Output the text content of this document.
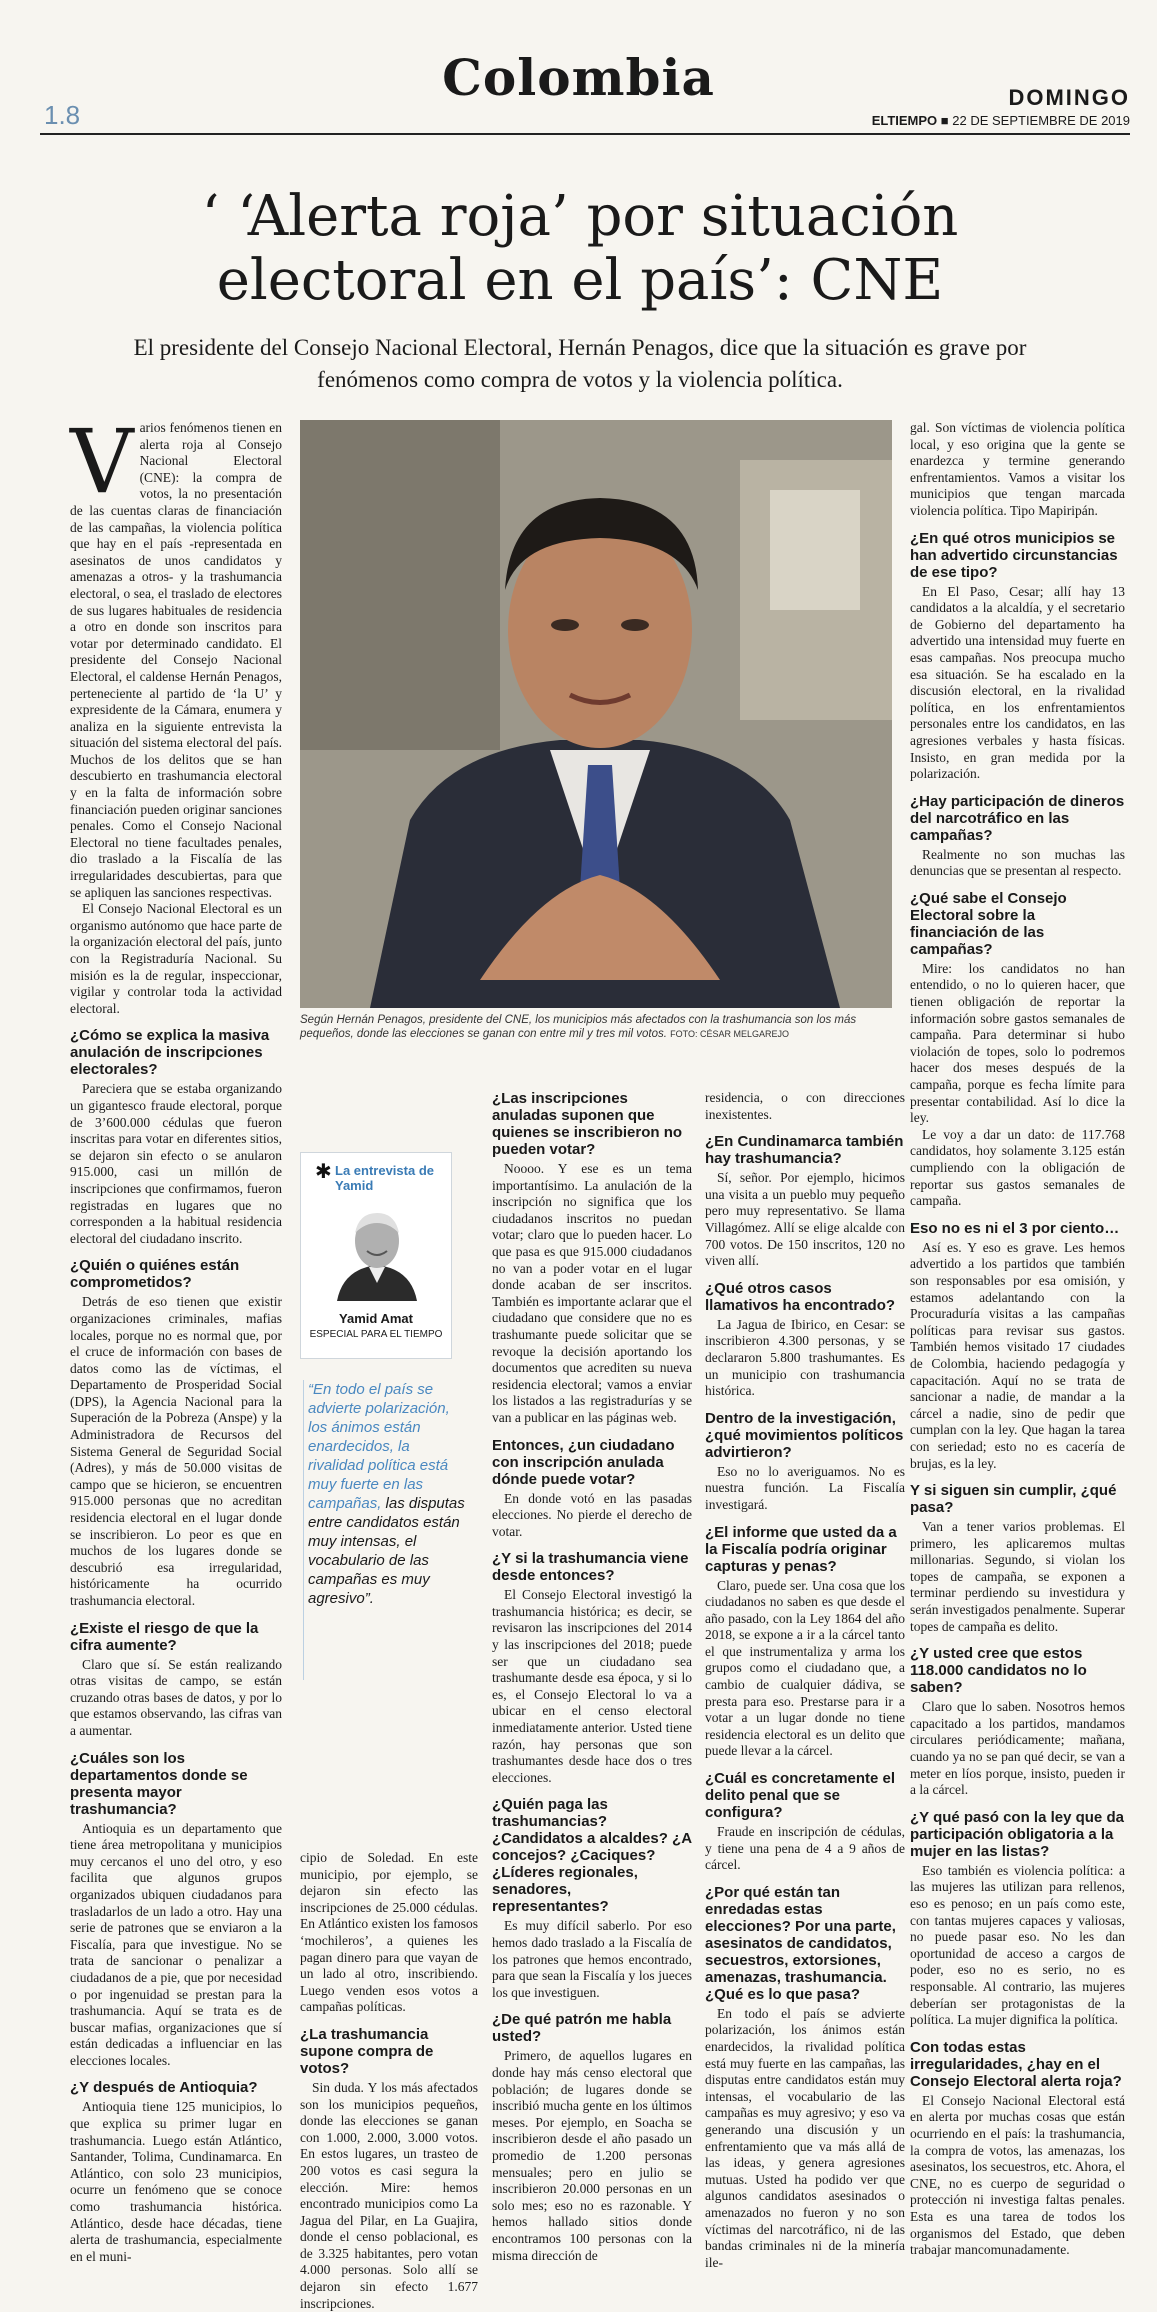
Colombia
1.8
DOMINGO
ELTIEMPO ■ 22 DE SEPTIEMBRE DE 2019
‘ ‘Alerta roja’ por situación electoral en el país’: CNE
El presidente del Consejo Nacional Electoral, Hernán Penagos, dice que la situación es grave por fenómenos como compra de votos y la violencia política.
V arios fenómenos tienen en alerta roja al Consejo Nacional Electoral (CNE): la compra de votos, la no presentación de las cuentas claras de financiación de las campañas, la violencia política que hay en el país -representada en asesinatos de unos candidatos y amenazas a otros- y la trashumancia electoral, o sea, el traslado de electores de sus lugares habituales de residencia a otro en donde son inscritos para votar por determinado candidato. El presidente del Consejo Nacional Electoral, el caldense Hernán Penagos, perteneciente al partido de ‘la U’ y expresidente de la Cámara, enumera y analiza en la siguiente entrevista la situación del sistema electoral del país. Muchos de los delitos que se han descubierto en trashumancia electoral y en la falta de información sobre financiación pueden originar sanciones penales. Como el Consejo Nacional Electoral no tiene facultades penales, dio traslado a la Fiscalía de las irregularidades descubiertas, para que se apliquen las sanciones respectivas.

El Consejo Nacional Electoral es un organismo autónomo que hace parte de la organización electoral del país, junto con la Registraduría Nacional. Su misión es la de regular, inspeccionar, vigilar y controlar toda la actividad electoral.

¿Cómo se explica la masiva anulación de inscripciones electorales?

Pareciera que se estaba organizando un gigantesco fraude electoral, porque de 3’600.000 cédulas que fueron inscritas para votar en diferentes sitios, se dejaron sin efecto o se anularon 915.000, casi un millón de inscripciones que confirmamos, fueron registradas en lugares que no corresponden a la habitual residencia electoral del ciudadano inscrito.

¿Quién o quiénes están comprometidos?

Detrás de eso tienen que existir organizaciones criminales, mafias locales, porque no es normal que, por el cruce de información con bases de datos como las de víctimas, el Departamento de Prosperidad Social (DPS), la Agencia Nacional para la Superación de la Pobreza (Anspe) y la Administradora de Recursos del Sistema General de Seguridad Social (Adres), y más de 50.000 visitas de campo que se hicieron, se encuentren 915.000 personas que no acreditan residencia electoral en el lugar donde se inscribieron. Lo peor es que en muchos de los lugares donde se descubrió esa irregularidad, históricamente ha ocurrido trashumancia electoral.

¿Existe el riesgo de que la cifra aumente?

Claro que sí. Se están realizando otras visitas de campo, se están cruzando otras bases de datos, y por lo que estamos observando, las cifras van a aumentar.

¿Cuáles son los departamentos donde se presenta mayor trashumancia?

Antioquia es un departamento que tiene área metropolitana y municipios muy cercanos el uno del otro, y eso facilita que algunos grupos organizados ubiquen ciudadanos para trasladarlos de un lado a otro. Hay una serie de patrones que se enviaron a la Fiscalía, para que investigue. No se trata de sancionar o penalizar a ciudadanos de a pie, que por necesidad o por ingenuidad se prestan para la trashumancia. Aquí se trata es de buscar mafias, organizaciones que sí están dedicadas a influenciar en las elecciones locales.

¿Y después de Antioquia?

Antioquia tiene 125 municipios, lo que explica su primer lugar en trashumancia. Luego están Atlántico, Santander, Tolima, Cundinamarca. En Atlántico, con solo 23 municipios, ocurre un fenómeno que se conoce como trashumancia histórica. Atlántico, desde hace décadas, tiene alerta de trashumancia, especialmente en el muni-

Según Hernán Penagos, presidente del CNE, los municipios más afectados con la trashumancia son los más pequeños, donde las elecciones se ganan con entre mil y tres mil votos. FOTO: CÉSAR MELGAREJO
✱ La entrevista de Yamid
Yamid Amat
ESPECIAL PARA EL TIEMPO
“En todo el país se advierte polarización, los ánimos están enardecidos, la rivalidad política está muy fuerte en las campañas, las disputas entre candidatos están muy intensas, el vocabulario de las campañas es muy agresivo”.

cipio de Soledad. En este municipio, por ejemplo, se dejaron sin efecto las inscripciones de 25.000 cédulas. En Atlántico existen los famosos ‘mochileros’, a quienes les pagan dinero para que vayan de un lado al otro, inscribiendo. Luego venden esos votos a campañas políticas.

¿La trashumancia supone compra de votos?

Sin duda. Y los más afectados son los municipios pequeños, donde las elecciones se ganan con 1.000, 2.000, 3.000 votos. En estos lugares, un trasteo de 200 votos es casi segura la elección. Mire: hemos encontrado municipios como La Jagua del Pilar, en La Guajira, donde el censo poblacional, es de 3.325 habitantes, pero votan 4.000 personas. Solo allí se dejaron sin efecto 1.677 inscripciones.

¿Las inscripciones anuladas suponen que quienes se inscribieron no pueden votar?

Noooo. Y ese es un tema importantísimo. La anulación de la inscripción no significa que los ciudadanos inscritos no puedan votar; claro que lo pueden hacer. Lo que pasa es que 915.000 ciudadanos no van a poder votar en el lugar donde acaban de ser inscritos. También es importante aclarar que el ciudadano que considere que no es trashumante puede solicitar que se revoque la decisión aportando los documentos que acrediten su nueva residencia electoral; vamos a enviar los listados a las registradurías y se van a publicar en las páginas web.

Entonces, ¿un ciudadano con inscripción anulada dónde puede votar?

En donde votó en las pasadas elecciones. No pierde el derecho de votar.

¿Y si la trashumancia viene desde entonces?

El Consejo Electoral investigó la trashumancia histórica; es decir, se revisaron las inscripciones del 2014 y las inscripciones del 2018; puede ser que un ciudadano sea trashumante desde esa época, y si lo es, el Consejo Electoral lo va a ubicar en el censo electoral inmediatamente anterior. Usted tiene razón, hay personas que son trashumantes desde hace dos o tres elecciones.

¿Quién paga las trashumancias? ¿Candidatos a alcaldes? ¿A concejos? ¿Caciques? ¿Líderes regionales, senadores, representantes?

Es muy difícil saberlo. Por eso hemos dado traslado a la Fiscalía de los patrones que hemos encontrado, para que sean la Fiscalía y los jueces los que investiguen.

¿De qué patrón me habla usted?

Primero, de aquellos lugares en donde hay más censo electoral que población; de lugares donde se inscribió mucha gente en los últimos meses. Por ejemplo, en Soacha se inscribieron desde el año pasado un promedio de 1.200 personas mensuales; pero en julio se inscribieron 20.000 personas en un solo mes; eso no es razonable. Y hemos hallado sitios donde encontramos 100 personas con la misma dirección de

residencia, o con direcciones inexistentes.

¿En Cundinamarca también hay trashumancia?

Sí, señor. Por ejemplo, hicimos una visita a un pueblo muy pequeño pero muy representativo. Se llama Villagómez. Allí se elige alcalde con 700 votos. De 150 inscritos, 120 no viven allí.

¿Qué otros casos llamativos ha encontrado?

La Jagua de Ibirico, en Cesar: se inscribieron 4.300 personas, y se declararon 5.800 trashumantes. Es un municipio con trashumancia histórica.

Dentro de la investigación, ¿qué movimientos políticos advirtieron?

Eso no lo averiguamos. No es nuestra función. La Fiscalía investigará.

¿El informe que usted da a la Fiscalía podría originar capturas y penas?

Claro, puede ser. Una cosa que los ciudadanos no saben es que desde el año pasado, con la Ley 1864 del año 2018, se expone a ir a la cárcel tanto el que instrumentaliza y arma los grupos como el ciudadano que, a cambio de cualquier dádiva, se presta para eso. Prestarse para ir a votar a un lugar donde no tiene residencia electoral es un delito que puede llevar a la cárcel.

¿Cuál es concretamente el delito penal que se configura?

Fraude en inscripción de cédulas, y tiene una pena de 4 a 9 años de cárcel.

¿Por qué están tan enredadas estas elecciones? Por una parte, asesinatos de candidatos, secuestros, extorsiones, amenazas, trashumancia. ¿Qué es lo que pasa?

En todo el país se advierte polarización, los ánimos están enardecidos, la rivalidad política está muy fuerte en las campañas, las disputas entre candidatos están muy intensas, el vocabulario de las campañas es muy agresivo; y eso va generando una discusión y un enfrentamiento que va más allá de las ideas, y genera agresiones mutuas. Usted ha podido ver que algunos candidatos asesinados o amenazados no fueron y no son víctimas del narcotráfico, ni de las bandas criminales ni de la minería ile-

gal. Son víctimas de violencia política local, y eso origina que la gente se enardezca y termine generando enfrentamientos. Vamos a visitar los municipios que tengan marcada violencia política. Tipo Mapiripán.

¿En qué otros municipios se han advertido circunstancias de ese tipo?

En El Paso, Cesar; allí hay 13 candidatos a la alcaldía, y el secretario de Gobierno del departamento ha advertido una intensidad muy fuerte en esas campañas. Nos preocupa mucho esa situación. Se ha escalado en la discusión electoral, en la rivalidad política, en los enfrentamientos personales entre los candidatos, en las agresiones verbales y hasta físicas. Insisto, en gran medida por la polarización.

¿Hay participación de dineros del narcotráfico en las campañas?

Realmente no son muchas las denuncias que se presentan al respecto.

¿Qué sabe el Consejo Electoral sobre la financiación de las campañas?

Mire: los candidatos no han entendido, o no lo quieren hacer, que tienen obligación de reportar la información sobre gastos semanales de campaña. Para determinar si hubo violación de topes, solo lo podremos hacer dos meses después de la campaña, porque es fecha límite para presentar contabilidad. Así lo dice la ley.

Le voy a dar un dato: de 117.768 candidatos, hoy solamente 3.125 están cumpliendo con la obligación de reportar sus gastos semanales de campaña.

Eso no es ni el 3 por ciento…

Así es. Y eso es grave. Les hemos advertido a los partidos que también son responsables por esa omisión, y estamos adelantando con la Procuraduría visitas a las campañas políticas para revisar sus gastos. También hemos visitado 17 ciudades de Colombia, haciendo pedagogía y capacitación. Aquí no se trata de sancionar a nadie, de mandar a la cárcel a nadie, sino de pedir que cumplan con la ley. Que hagan la tarea con seriedad; esto no es cacería de brujas, es la ley.

Y si siguen sin cumplir, ¿qué pasa?

Van a tener varios problemas. El primero, les aplicaremos multas millonarias. Segundo, si violan los topes de campaña, se exponen a terminar perdiendo su investidura y serán investigados penalmente. Superar topes de campaña es delito.

¿Y usted cree que estos 118.000 candidatos no lo saben?

Claro que lo saben. Nosotros hemos capacitado a los partidos, mandamos circulares periódicamente; mañana, cuando ya no se pan qué decir, se van a meter en líos porque, insisto, pueden ir a la cárcel.

¿Y qué pasó con la ley que da participación obligatoria a la mujer en las listas?

Eso también es violencia política: a las mujeres las utilizan para rellenos, eso es penoso; en un país como este, con tantas mujeres capaces y valiosas, no puede pasar eso. No les dan oportunidad de acceso a cargos de poder, eso no es serio, no es responsable. Al contrario, las mujeres deberían ser protagonistas de la política. La mujer dignifica la política.

Con todas estas irregularidades, ¿hay en el Consejo Electoral alerta roja?

El Consejo Nacional Electoral está en alerta por muchas cosas que están ocurriendo en el país: la trashumancia, la compra de votos, las amenazas, los asesinatos, los secuestros, etc. Ahora, el CNE, no es cuerpo de seguridad o protección ni investiga faltas penales. Esta es una tarea de todos los organismos del Estado, que deben trabajar mancomunadamente.
